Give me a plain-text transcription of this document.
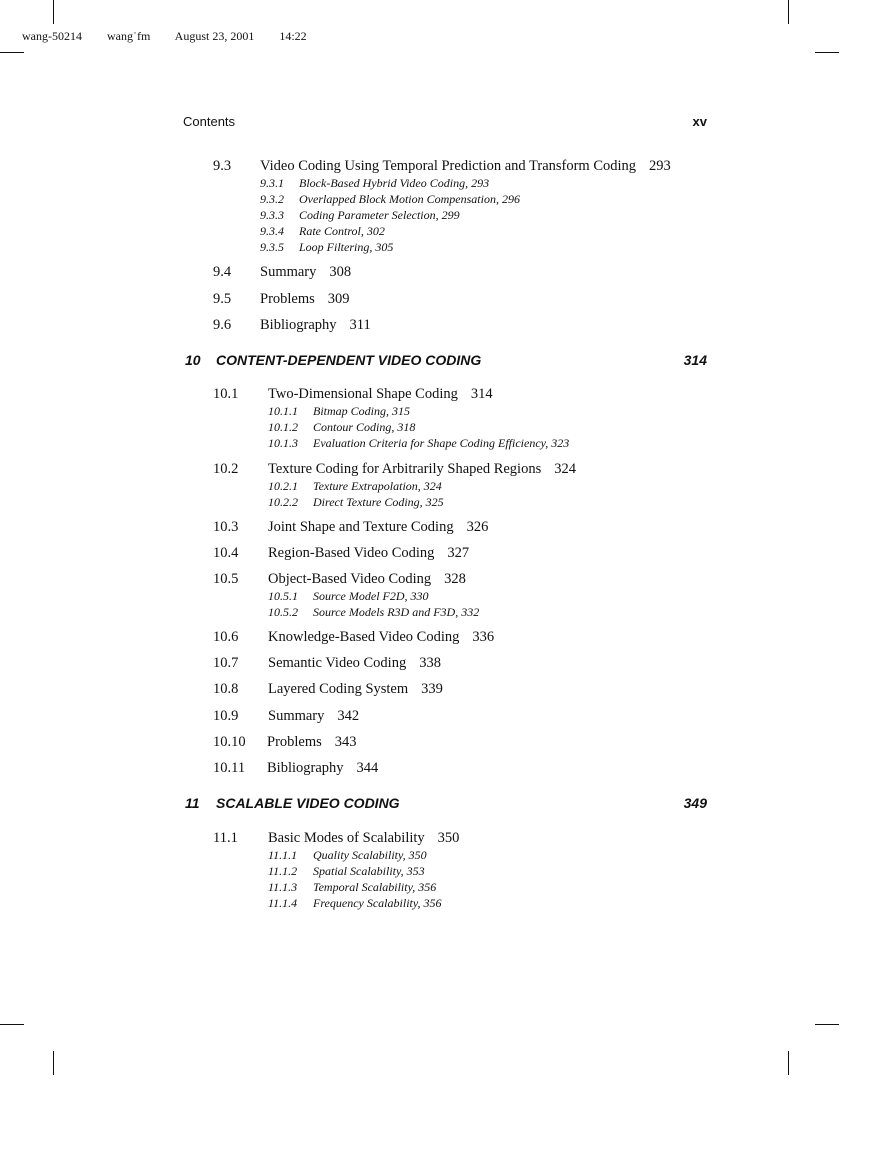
wang-50214 wang˙fm August 23, 2001 14:22
Contents	xv
9.3 Video Coding Using Temporal Prediction and Transform Coding 293
9.3.1 Block-Based Hybrid Video Coding, 293
9.3.2 Overlapped Block Motion Compensation, 296
9.3.3 Coding Parameter Selection, 299
9.3.4 Rate Control, 302
9.3.5 Loop Filtering, 305
9.4 Summary 308
9.5 Problems 309
9.6 Bibliography 311
10 CONTENT-DEPENDENT VIDEO CODING	314
10.1 Two-Dimensional Shape Coding 314
10.1.1 Bitmap Coding, 315
10.1.2 Contour Coding, 318
10.1.3 Evaluation Criteria for Shape Coding Efficiency, 323
10.2 Texture Coding for Arbitrarily Shaped Regions 324
10.2.1 Texture Extrapolation, 324
10.2.2 Direct Texture Coding, 325
10.3 Joint Shape and Texture Coding 326
10.4 Region-Based Video Coding 327
10.5 Object-Based Video Coding 328
10.5.1 Source Model F2D, 330
10.5.2 Source Models R3D and F3D, 332
10.6 Knowledge-Based Video Coding 336
10.7 Semantic Video Coding 338
10.8 Layered Coding System 339
10.9 Summary 342
10.10 Problems 343
10.11 Bibliography 344
11 SCALABLE VIDEO CODING	349
11.1 Basic Modes of Scalability 350
11.1.1 Quality Scalability, 350
11.1.2 Spatial Scalability, 353
11.1.3 Temporal Scalability, 356
11.1.4 Frequency Scalability, 356
